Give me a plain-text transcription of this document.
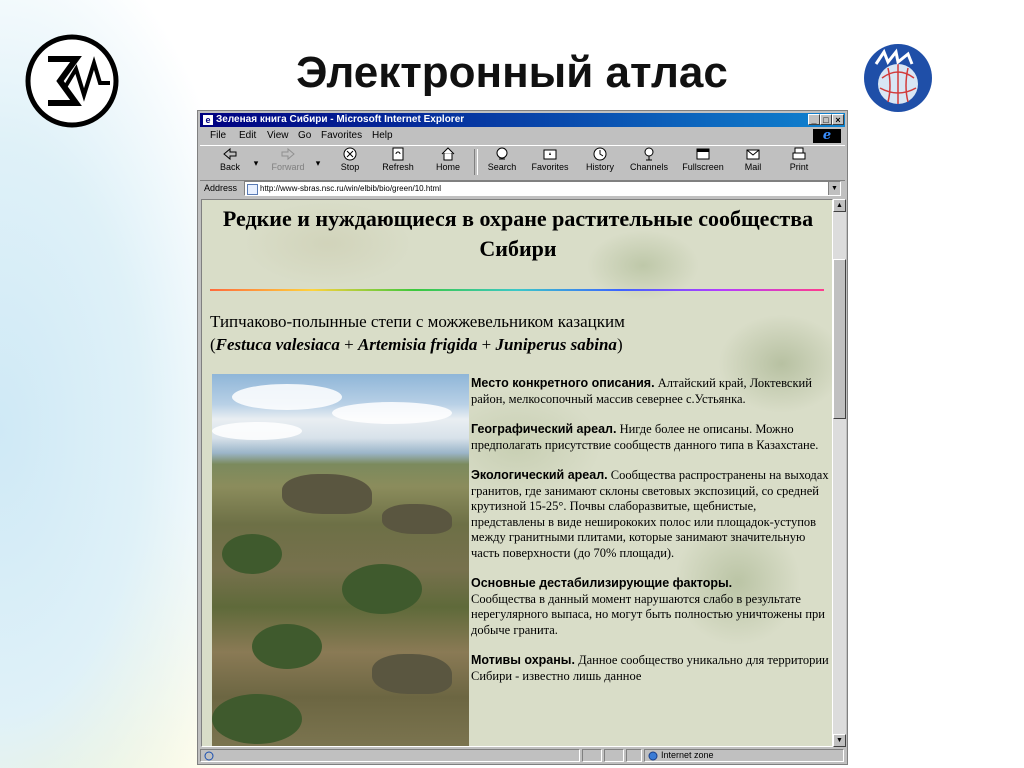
Электронный атлас
e Зеленая книга Сибири - Microsoft Internet Explorer	_ □ ×
File Edit View Go Favorites Help	e
Back	▾	Forward	▾	Stop	Refresh	Home	Search	Favorites	History	Channels	Fullscreen	Mail	Print
Address	http://www-sbras.nsc.ru/win/elbib/bio/green/10.html	▼
Редкие и нуждающиеся в охране растительные сообщества Сибири
Типчаково-полынные степи с можжевельником казацким
(Festuca valesiaca + Artemisia frigida + Juniperus sabina)

Место конкретного описания. Алтайский край, Локтевский район, мелкосопочный массив севернее с.Устьянка.

Географический ареал. Нигде более не описаны. Можно предполагать присутствие сообществ данного типа в Казахстане.

Экологический ареал. Сообщества распространены на выходах гранитов, где занимают склоны световых экспозиций, со средней крутизной 15-25°. Почвы слаборазвитые, щебнистые, представлены в виде неширококих полос или площадок-уступов между гранитными плитами, которые занимают значительную часть поверхности (до 70% площади).

Основные дестабилизирующие факторы.
Сообщества в данный момент нарушаются слабо в результате нерегулярного выпаса, но могут быть полностью уничтожены при добыче гранита.

Мотивы охраны. Данное сообщество уникально для территории Сибири - известно лишь данное

▲
▼
Internet zone
